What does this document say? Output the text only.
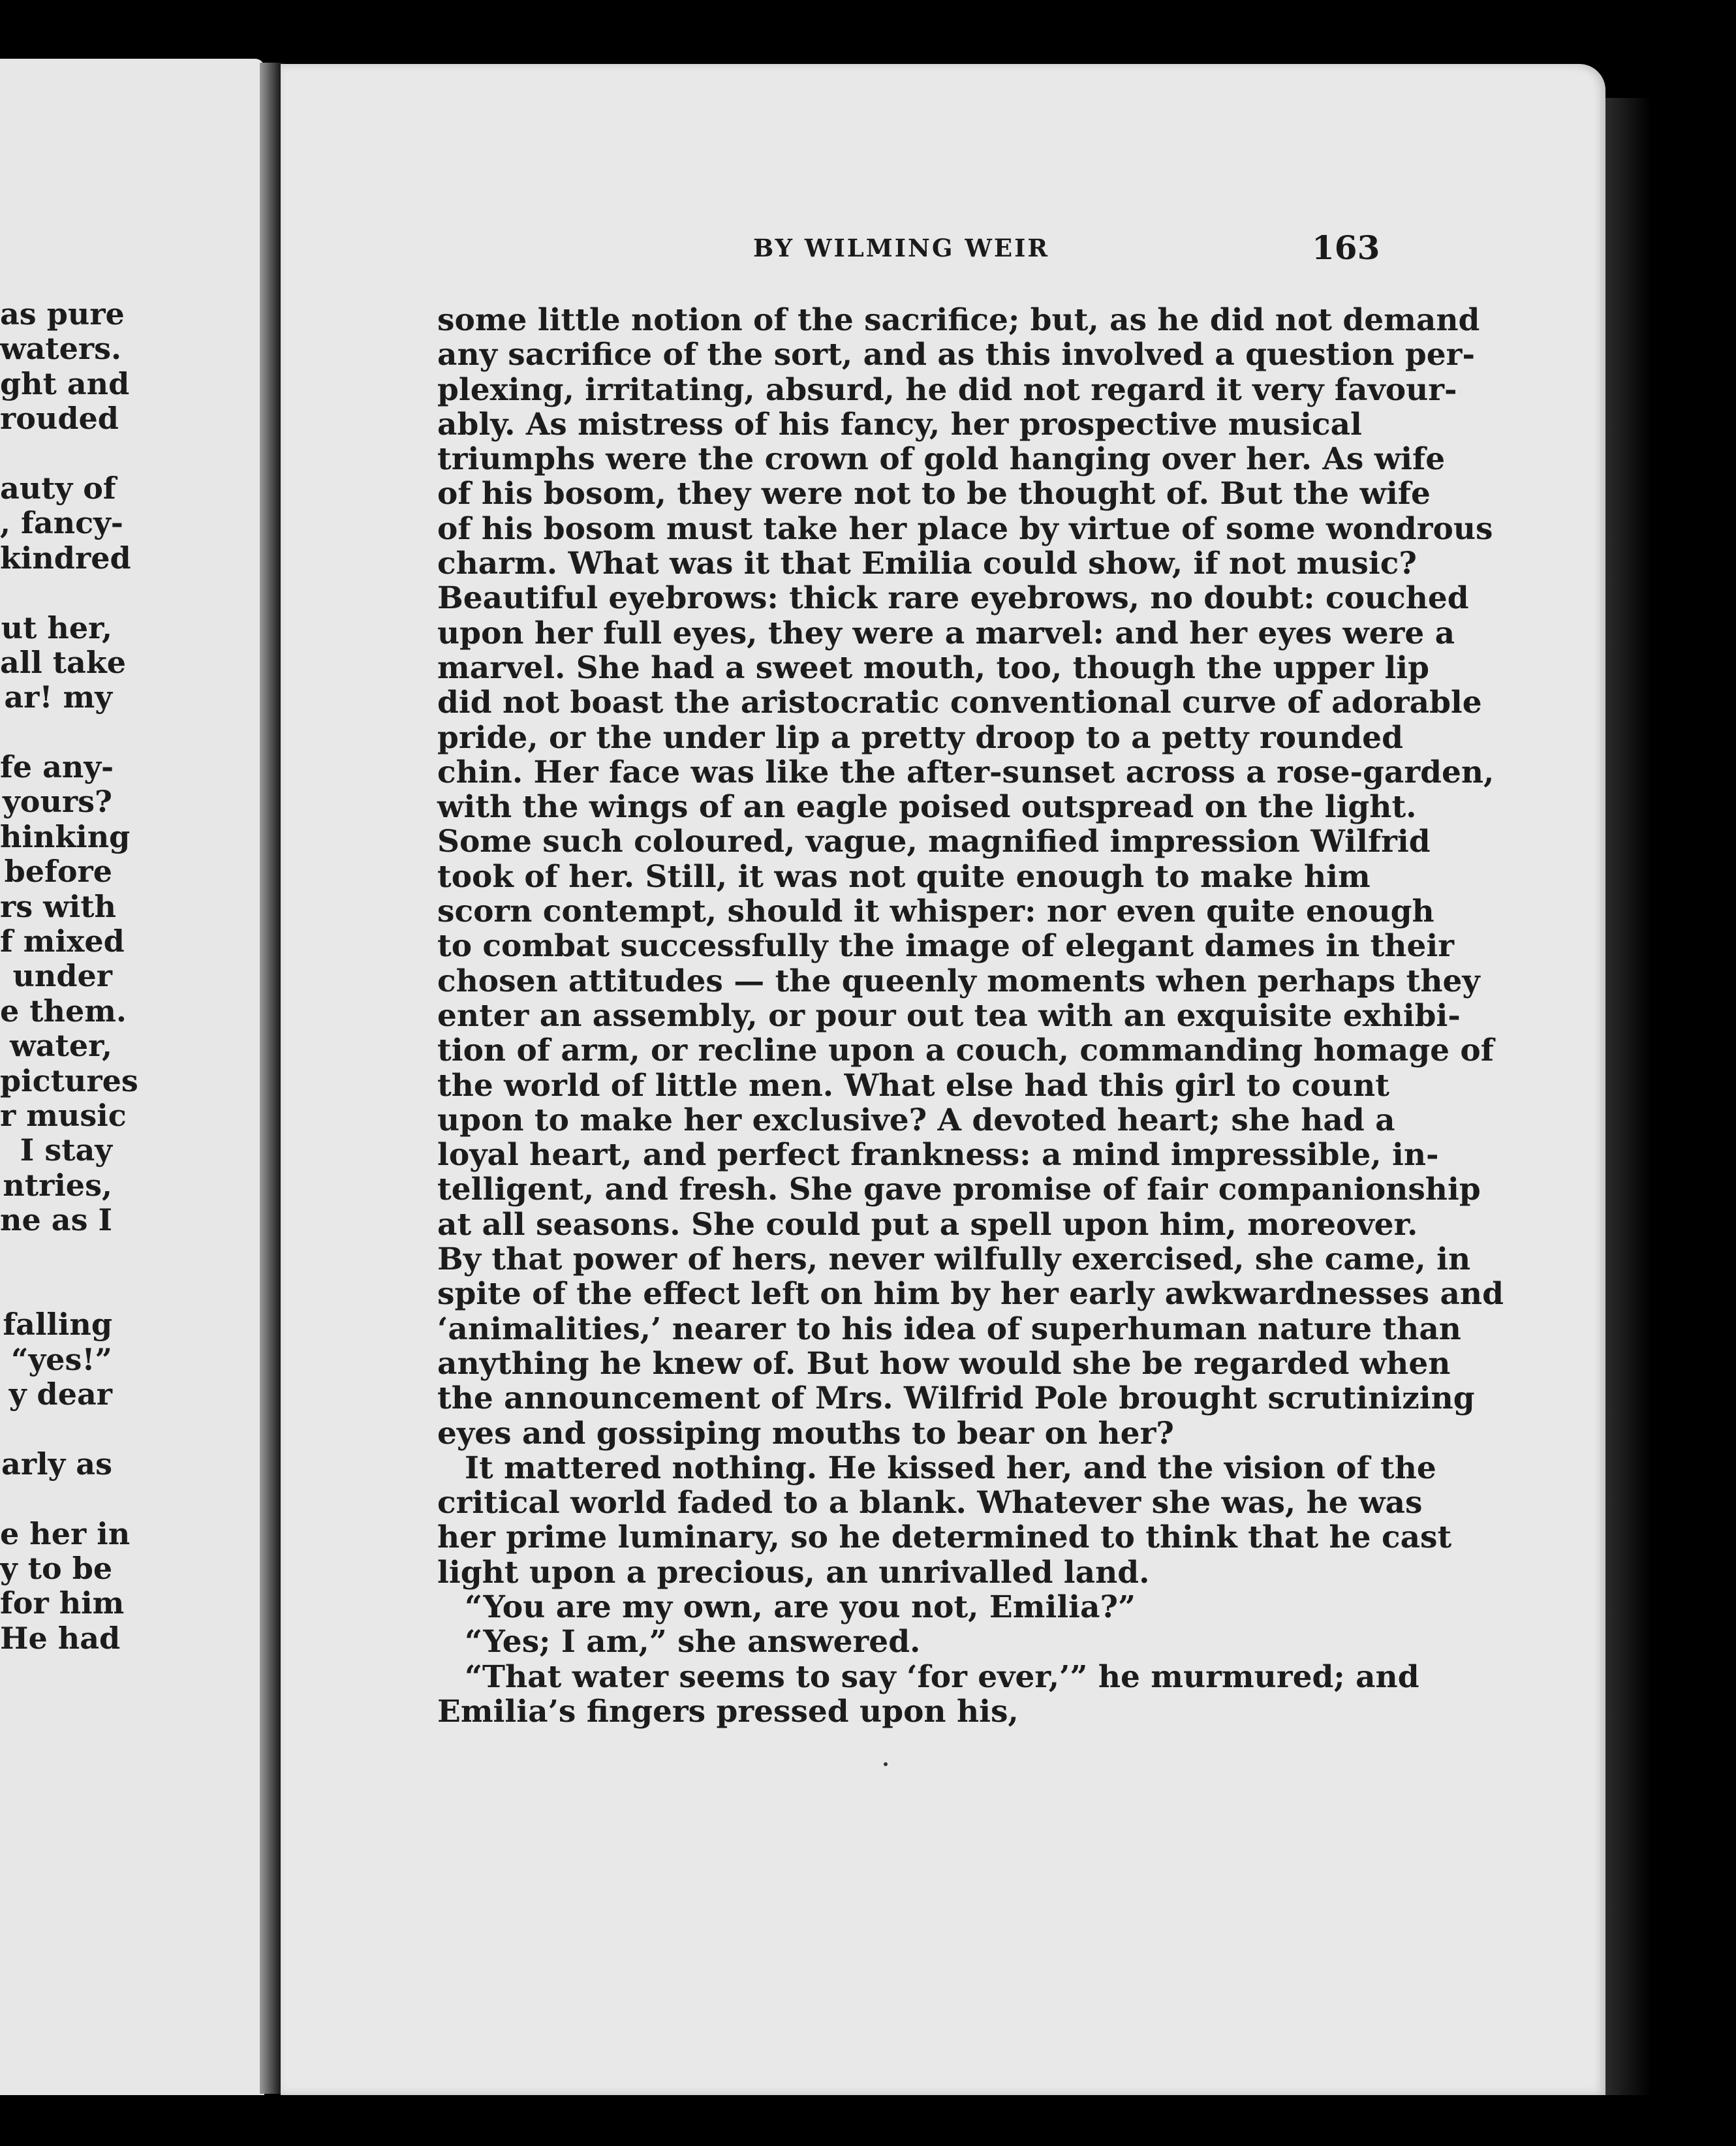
as pure
waters.
ght and
rouded
auty of
, fancy-
kindred
ut her,
all take
ar! my
fe any-
yours?
hinking
before
rs with
f mixed
under
e them.
water,
pictures
r music
I stay
ntries,
ne as I
falling
“yes!”
y dear
arly as
e her in
y to be
for him
He had
BY WILMING WEIR	163
some little notion of the sacrifice; but, as he did not demand
any sacrifice of the sort, and as this involved a question per-
plexing, irritating, absurd, he did not regard it very favour-
ably. As mistress of his fancy, her prospective musical
triumphs were the crown of gold hanging over her. As wife
of his bosom, they were not to be thought of. But the wife
of his bosom must take her place by virtue of some wondrous
charm. What was it that Emilia could show, if not music?
Beautiful eyebrows: thick rare eyebrows, no doubt: couched
upon her full eyes, they were a marvel: and her eyes were a
marvel. She had a sweet mouth, too, though the upper lip
did not boast the aristocratic conventional curve of adorable
pride, or the under lip a pretty droop to a petty rounded
chin. Her face was like the after-sunset across a rose-garden,
with the wings of an eagle poised outspread on the light.
Some such coloured, vague, magnified impression Wilfrid
took of her. Still, it was not quite enough to make him
scorn contempt, should it whisper: nor even quite enough
to combat successfully the image of elegant dames in their
chosen attitudes — the queenly moments when perhaps they
enter an assembly, or pour out tea with an exquisite exhibi-
tion of arm, or recline upon a couch, commanding homage of
the world of little men. What else had this girl to count
upon to make her exclusive? A devoted heart; she had a
loyal heart, and perfect frankness: a mind impressible, in-
telligent, and fresh. She gave promise of fair companionship
at all seasons. She could put a spell upon him, moreover.
By that power of hers, never wilfully exercised, she came, in
spite of the effect left on him by her early awkwardnesses and
‘animalities,’ nearer to his idea of superhuman nature than
anything he knew of. But how would she be regarded when
the announcement of Mrs. Wilfrid Pole brought scrutinizing
eyes and gossiping mouths to bear on her?
It mattered nothing. He kissed her, and the vision of the
critical world faded to a blank. Whatever she was, he was
her prime luminary, so he determined to think that he cast
light upon a precious, an unrivalled land.
“You are my own, are you not, Emilia?”
“Yes; I am,” she answered.
“That water seems to say ‘for ever,’” he murmured; and
Emilia’s fingers pressed upon his,
